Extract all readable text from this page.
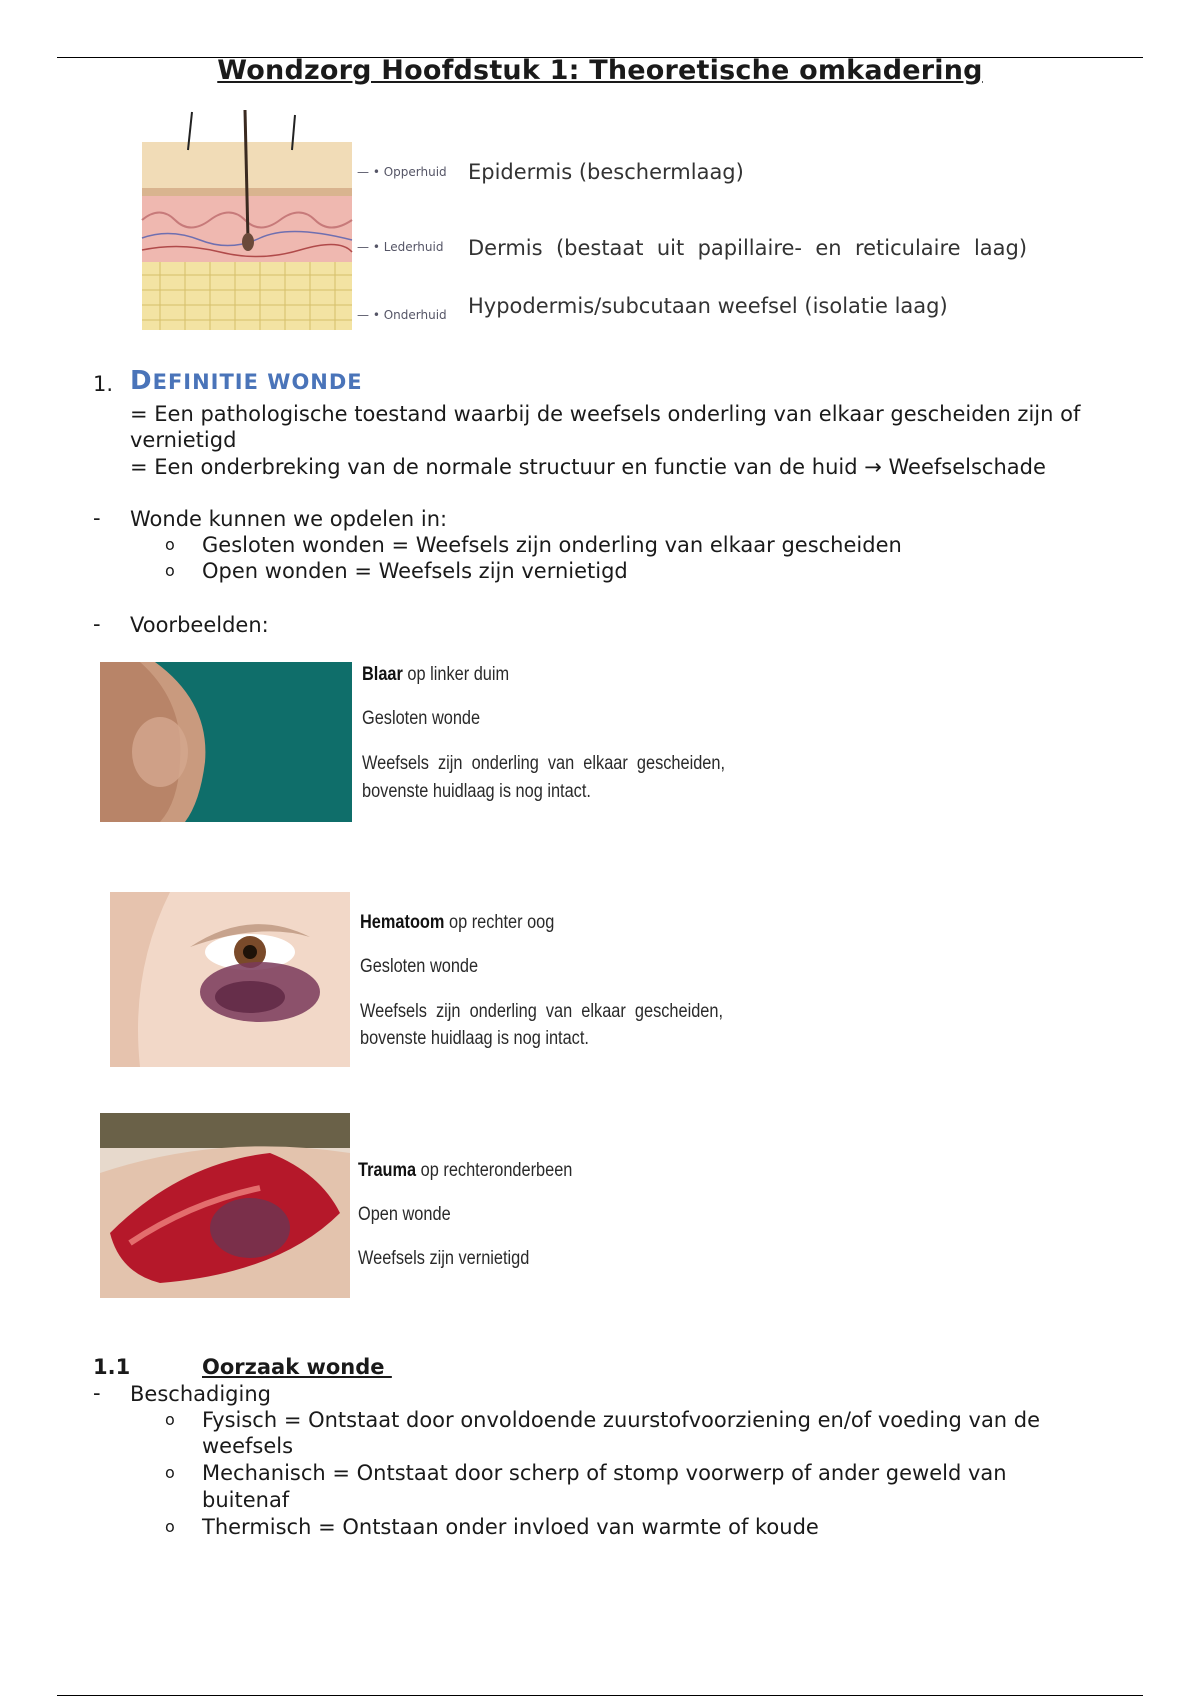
Wondzorg Hoofdstuk 1: Theoretische omkadering
— • Opperhuid
— • Lederhuid
— • Onderhuid
Epidermis (beschermlaag)
Dermis  (bestaat  uit  papillaire-  en  reticulaire  laag)
Hypodermis/subcutaan weefsel (isolatie laag)
1. DEFINITIE WONDE
= Een pathologische toestand waarbij de weefsels onderling van elkaar gescheiden zijn of
vernietigd
= Een onderbreking van de normale structuur en functie van de huid → Weefselschade
- Wonde kunnen we opdelen in:
o Gesloten wonden = Weefsels zijn onderling van elkaar gescheiden
o Open wonden = Weefsels zijn vernietigd
- Voorbeelden:
Blaar op linker duim
Gesloten wonde
Weefsels  zijn  onderling  van  elkaar  gescheiden,
bovenste huidlaag is nog intact.
Hematoom op rechter oog
Gesloten wonde
Weefsels  zijn  onderling  van  elkaar  gescheiden,
bovenste huidlaag is nog intact.
Trauma op rechteronderbeen
Open wonde
Weefsels zijn vernietigd
1.1	Oorzaak wonde
- Beschadiging
o Fysisch = Ontstaat door onvoldoende zuurstofvoorziening en/of voeding van de
weefsels
o Mechanisch = Ontstaat door scherp of stomp voorwerp of ander geweld van
buitenaf
o Thermisch = Ontstaan onder invloed van warmte of koude
